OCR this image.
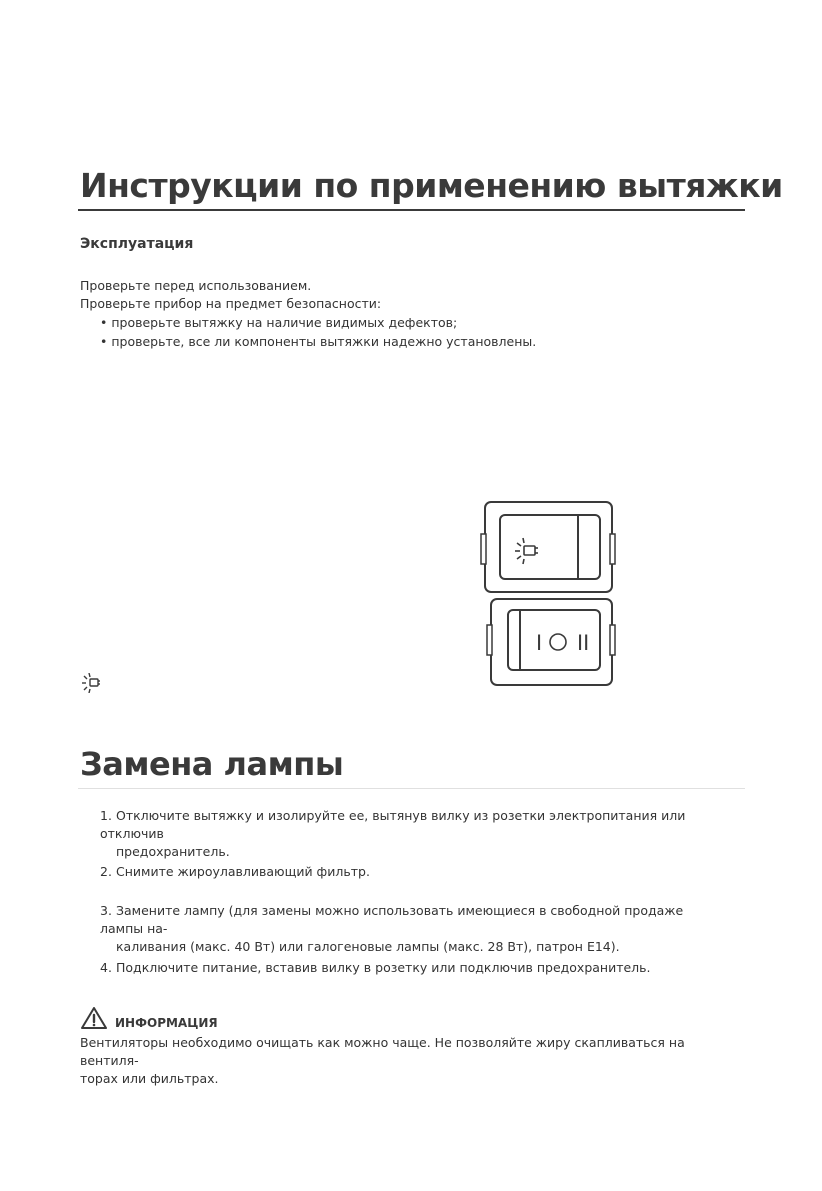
Инструкции по применению вытяжки
Эксплуатация
Проверьте перед использованием.
Проверьте прибор на предмет безопасности:
• проверьте вытяжку на наличие видимых дефектов;
• проверьте, все ли компоненты вытяжки надежно установлены.
I II
Замена лампы
1. Отключите вытяжку и изолируйте ее, вытянув вилку из розетки электропитания или отключив
предохранитель.
2. Снимите жироулавливающий фильтр.
3. Замените лампу (для замены можно использовать имеющиеся в свободной продаже лампы на-
каливания (макс. 40 Вт) или галогеновые лампы (макс. 28 Вт), патрон E14).
4. Подключите питание, вставив вилку в розетку или подключив предохранитель.
ИНФОРМАЦИЯ
Вентиляторы необходимо очищать как можно чаще. Не позволяйте жиру скапливаться на вентиля-
торах или фильтрах.
